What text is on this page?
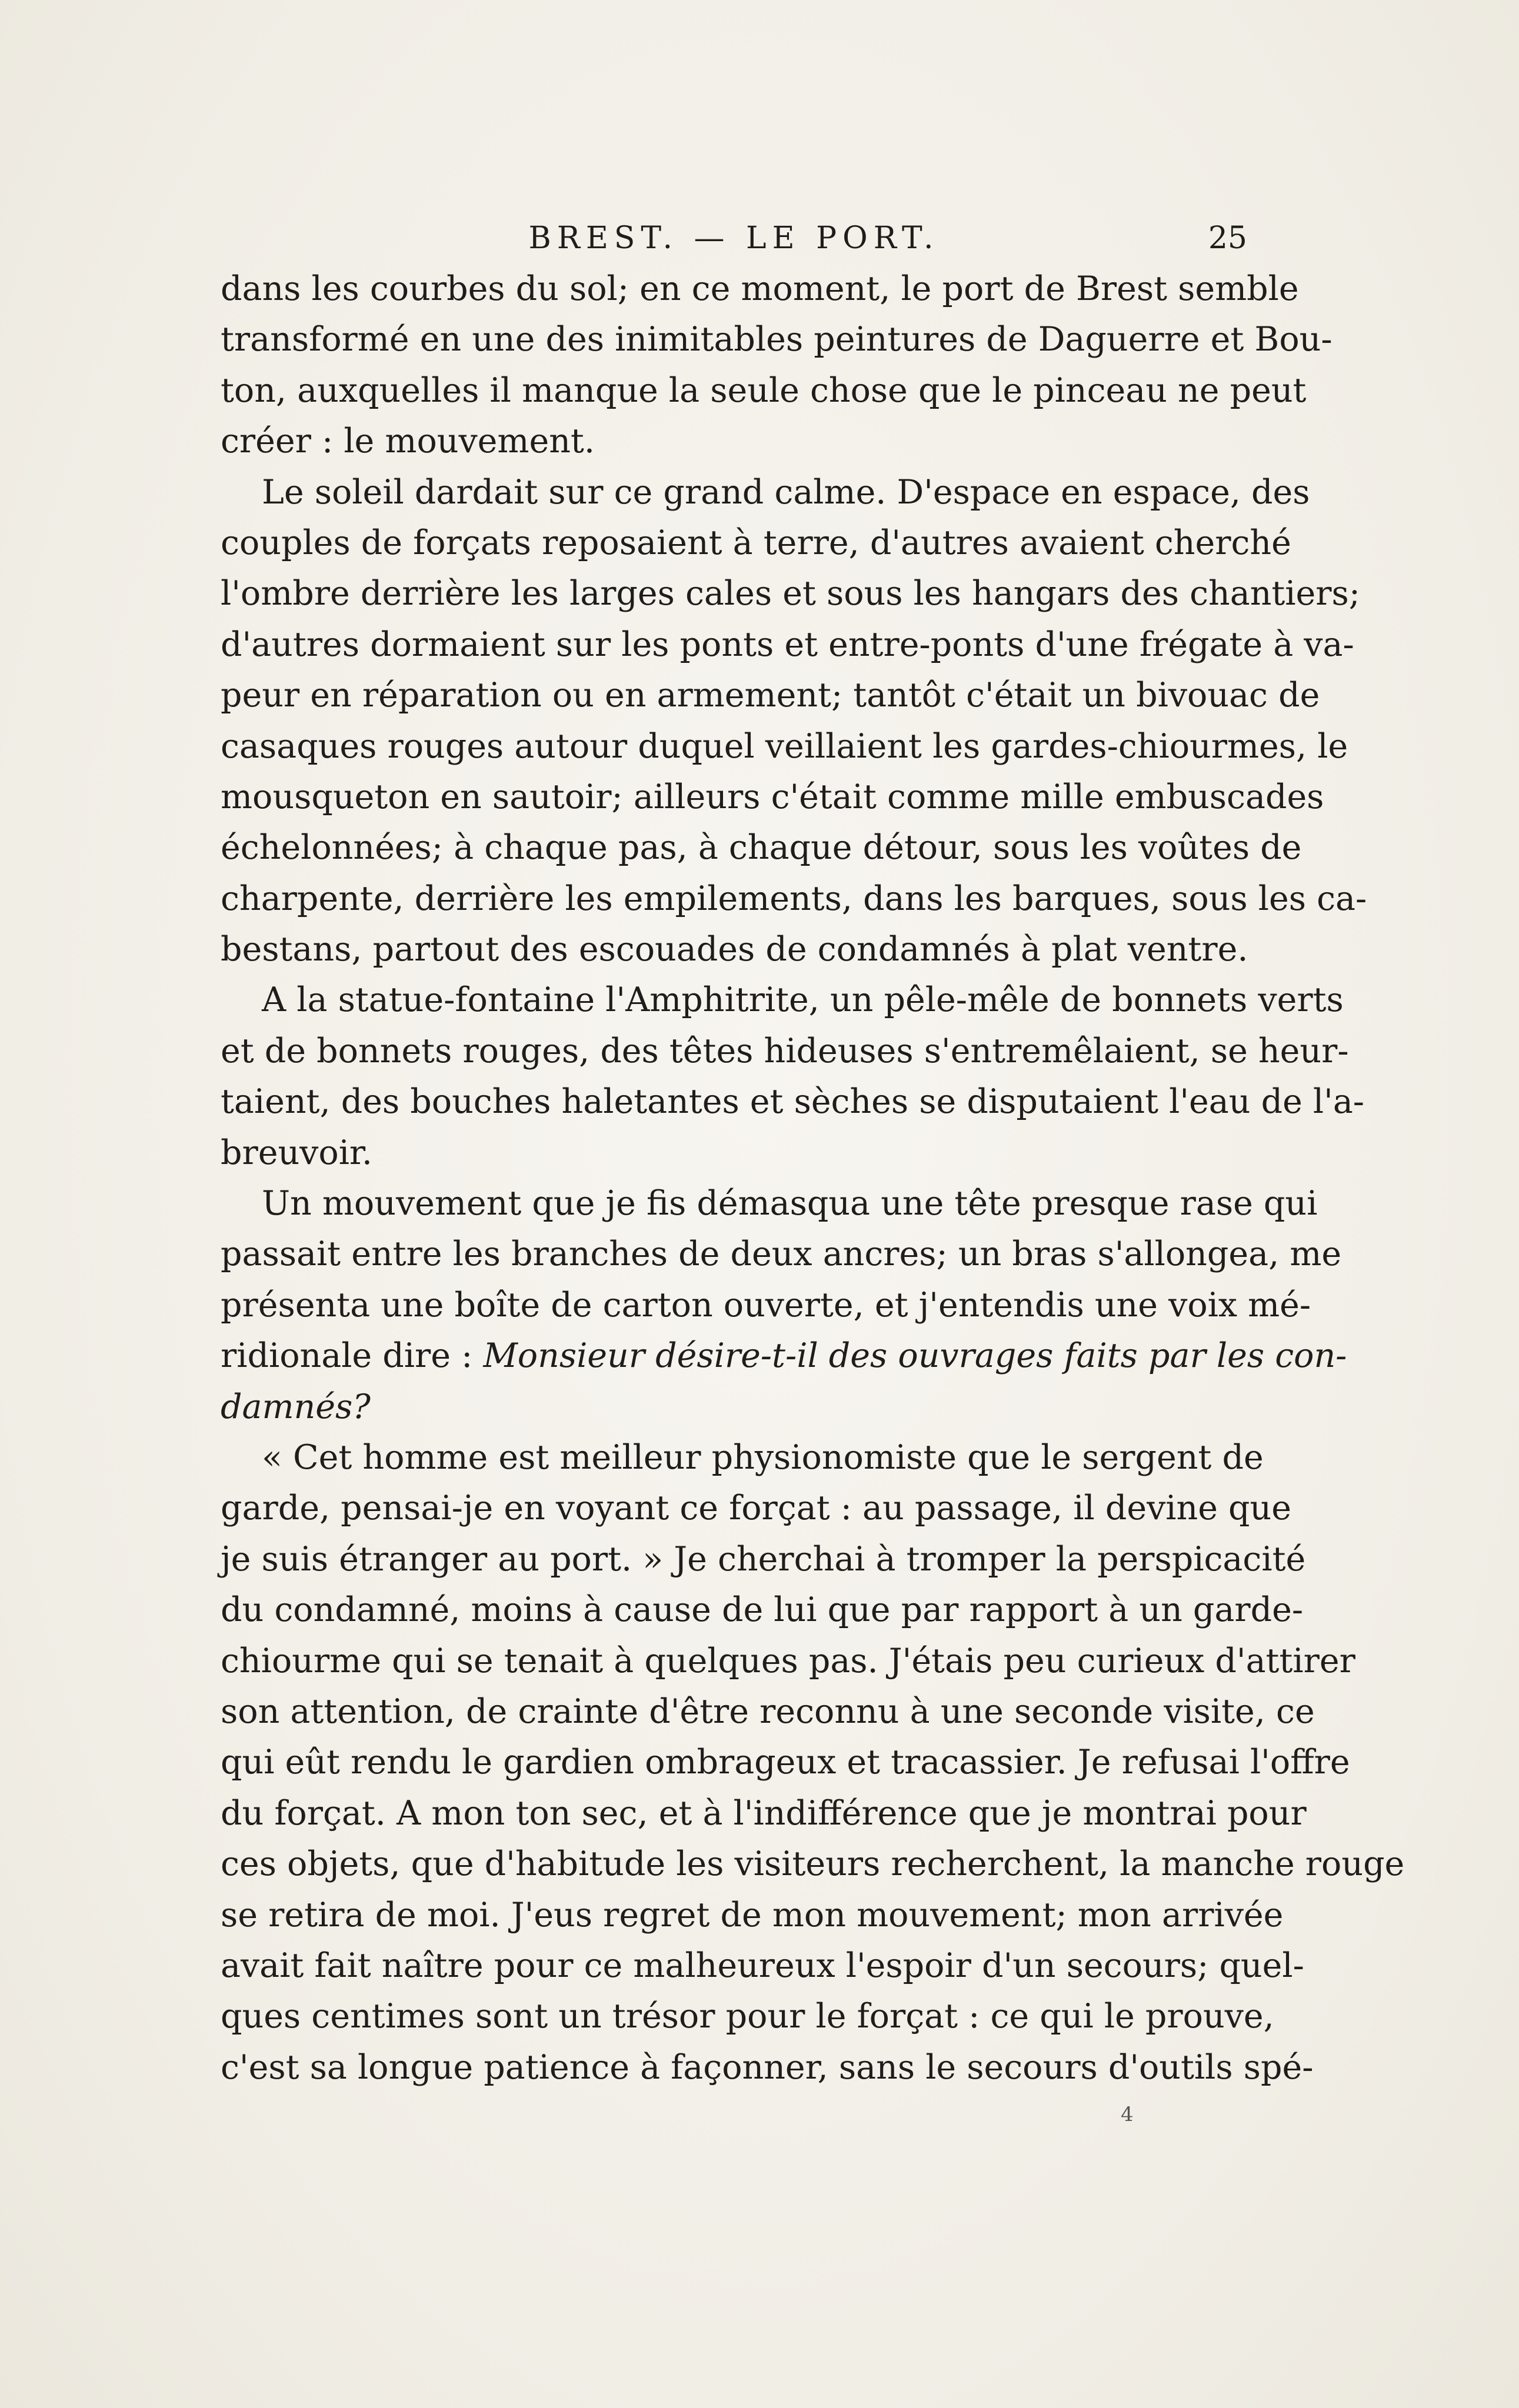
BREST. — LE PORT.	25
dans les courbes du sol; en ce moment, le port de Brest semble
transformé en une des inimitables peintures de Daguerre et Bou-
ton, auxquelles il manque la seule chose que le pinceau ne peut
créer : le mouvement.
Le soleil dardait sur ce grand calme. D'espace en espace, des
couples de forçats reposaient à terre, d'autres avaient cherché
l'ombre derrière les larges cales et sous les hangars des chantiers;
d'autres dormaient sur les ponts et entre-ponts d'une frégate à va-
peur en réparation ou en armement; tantôt c'était un bivouac de
casaques rouges autour duquel veillaient les gardes-chiourmes, le
mousqueton en sautoir; ailleurs c'était comme mille embuscades
échelonnées; à chaque pas, à chaque détour, sous les voûtes de
charpente, derrière les empilements, dans les barques, sous les ca-
bestans, partout des escouades de condamnés à plat ventre.
A la statue-fontaine l'Amphitrite, un pêle-mêle de bonnets verts
et de bonnets rouges, des têtes hideuses s'entremêlaient, se heur-
taient, des bouches haletantes et sèches se disputaient l'eau de l'a-
breuvoir.
Un mouvement que je fis démasqua une tête presque rase qui
passait entre les branches de deux ancres; un bras s'allongea, me
présenta une boîte de carton ouverte, et j'entendis une voix mé-
ridionale dire : Monsieur désire-t-il des ouvrages faits par les con-
damnés?
« Cet homme est meilleur physionomiste que le sergent de
garde, pensai-je en voyant ce forçat : au passage, il devine que
je suis étranger au port. » Je cherchai à tromper la perspicacité
du condamné, moins à cause de lui que par rapport à un garde-
chiourme qui se tenait à quelques pas. J'étais peu curieux d'attirer
son attention, de crainte d'être reconnu à une seconde visite, ce
qui eût rendu le gardien ombrageux et tracassier. Je refusai l'offre
du forçat. A mon ton sec, et à l'indifférence que je montrai pour
ces objets, que d'habitude les visiteurs recherchent, la manche rouge
se retira de moi. J'eus regret de mon mouvement; mon arrivée
avait fait naître pour ce malheureux l'espoir d'un secours; quel-
ques centimes sont un trésor pour le forçat : ce qui le prouve,
c'est sa longue patience à façonner, sans le secours d'outils spé-
4
